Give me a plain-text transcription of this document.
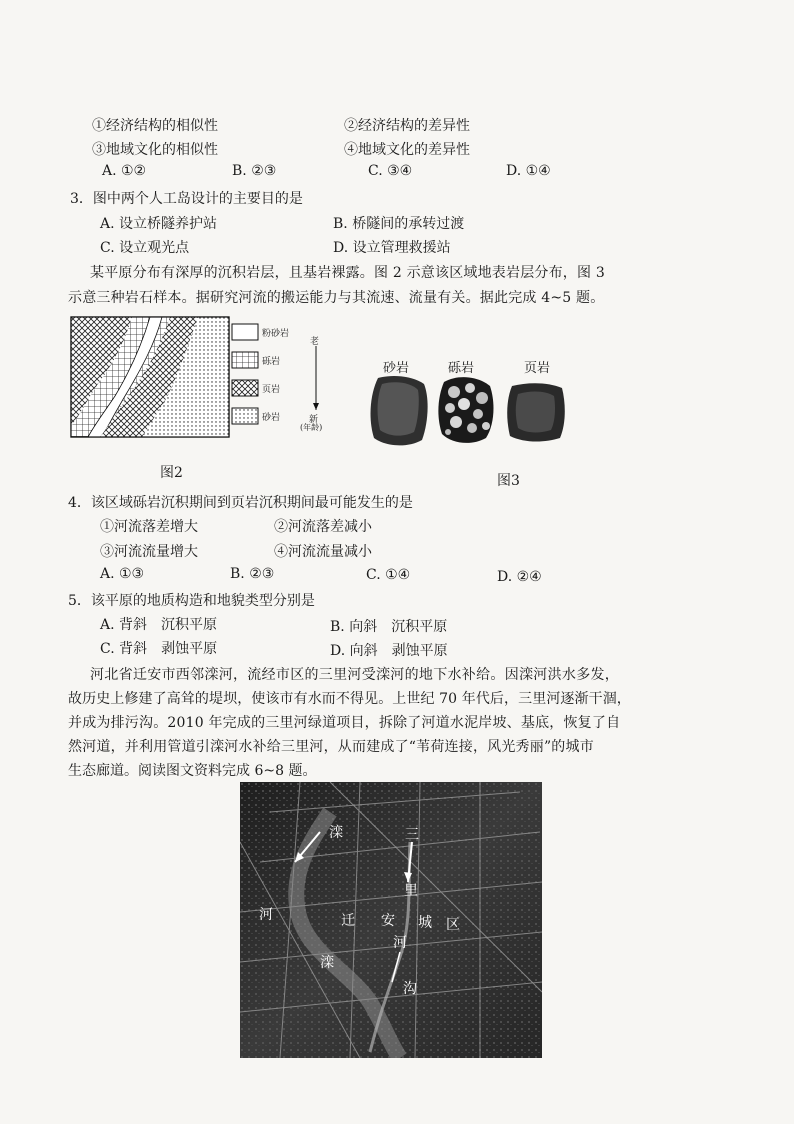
①经济结构的相似性	②经济结构的差异性
③地域文化的相似性	④地域文化的差异性
A. ①②	B. ②③	C. ③④	D. ①④
3．图中两个人工岛设计的主要目的是
A. 设立桥隧养护站	B. 桥隧间的承转过渡
C. 设立观光点	D. 设立管理救援站
某平原分布有深厚的沉积岩层，且基岩裸露。图 2 示意该区域地表岩层分布，图 3
示意三种岩石样本。据研究河流的搬运能力与其流速、流量有关。据此完成 4~5 题。
粉砂岩
砾岩
页岩
砂岩
老
新
(年龄)
图2
砂岩	砾岩	页岩
图3
4．该区域砾岩沉积期间到页岩沉积期间最可能发生的是
①河流落差增大	②河流落差减小
③河流流量增大	④河流流量减小
A. ①③	B. ②③	C. ①④	D. ②④
5．该平原的地质构造和地貌类型分别是
A. 背斜　沉积平原	B. 向斜　沉积平原
C. 背斜　剥蚀平原	D. 向斜　剥蚀平原
河北省迁安市西邻滦河，流经市区的三里河受滦河的地下水补给。因滦河洪水多发，
故历史上修建了高耸的堤坝，使该市有水而不得见。上世纪 70 年代后，三里河逐渐干涸，
并成为排污沟。2010 年完成的三里河绿道项目，拆除了河道水泥岸坡、基底，恢复了自
然河道，并利用管道引滦河水补给三里河，从而建成了“苇荷连接，风光秀丽”的城市
生态廊道。阅读图文资料完成 6~8 题。
滦
河
滦
三
里
河
沟
迁 安 城 区
